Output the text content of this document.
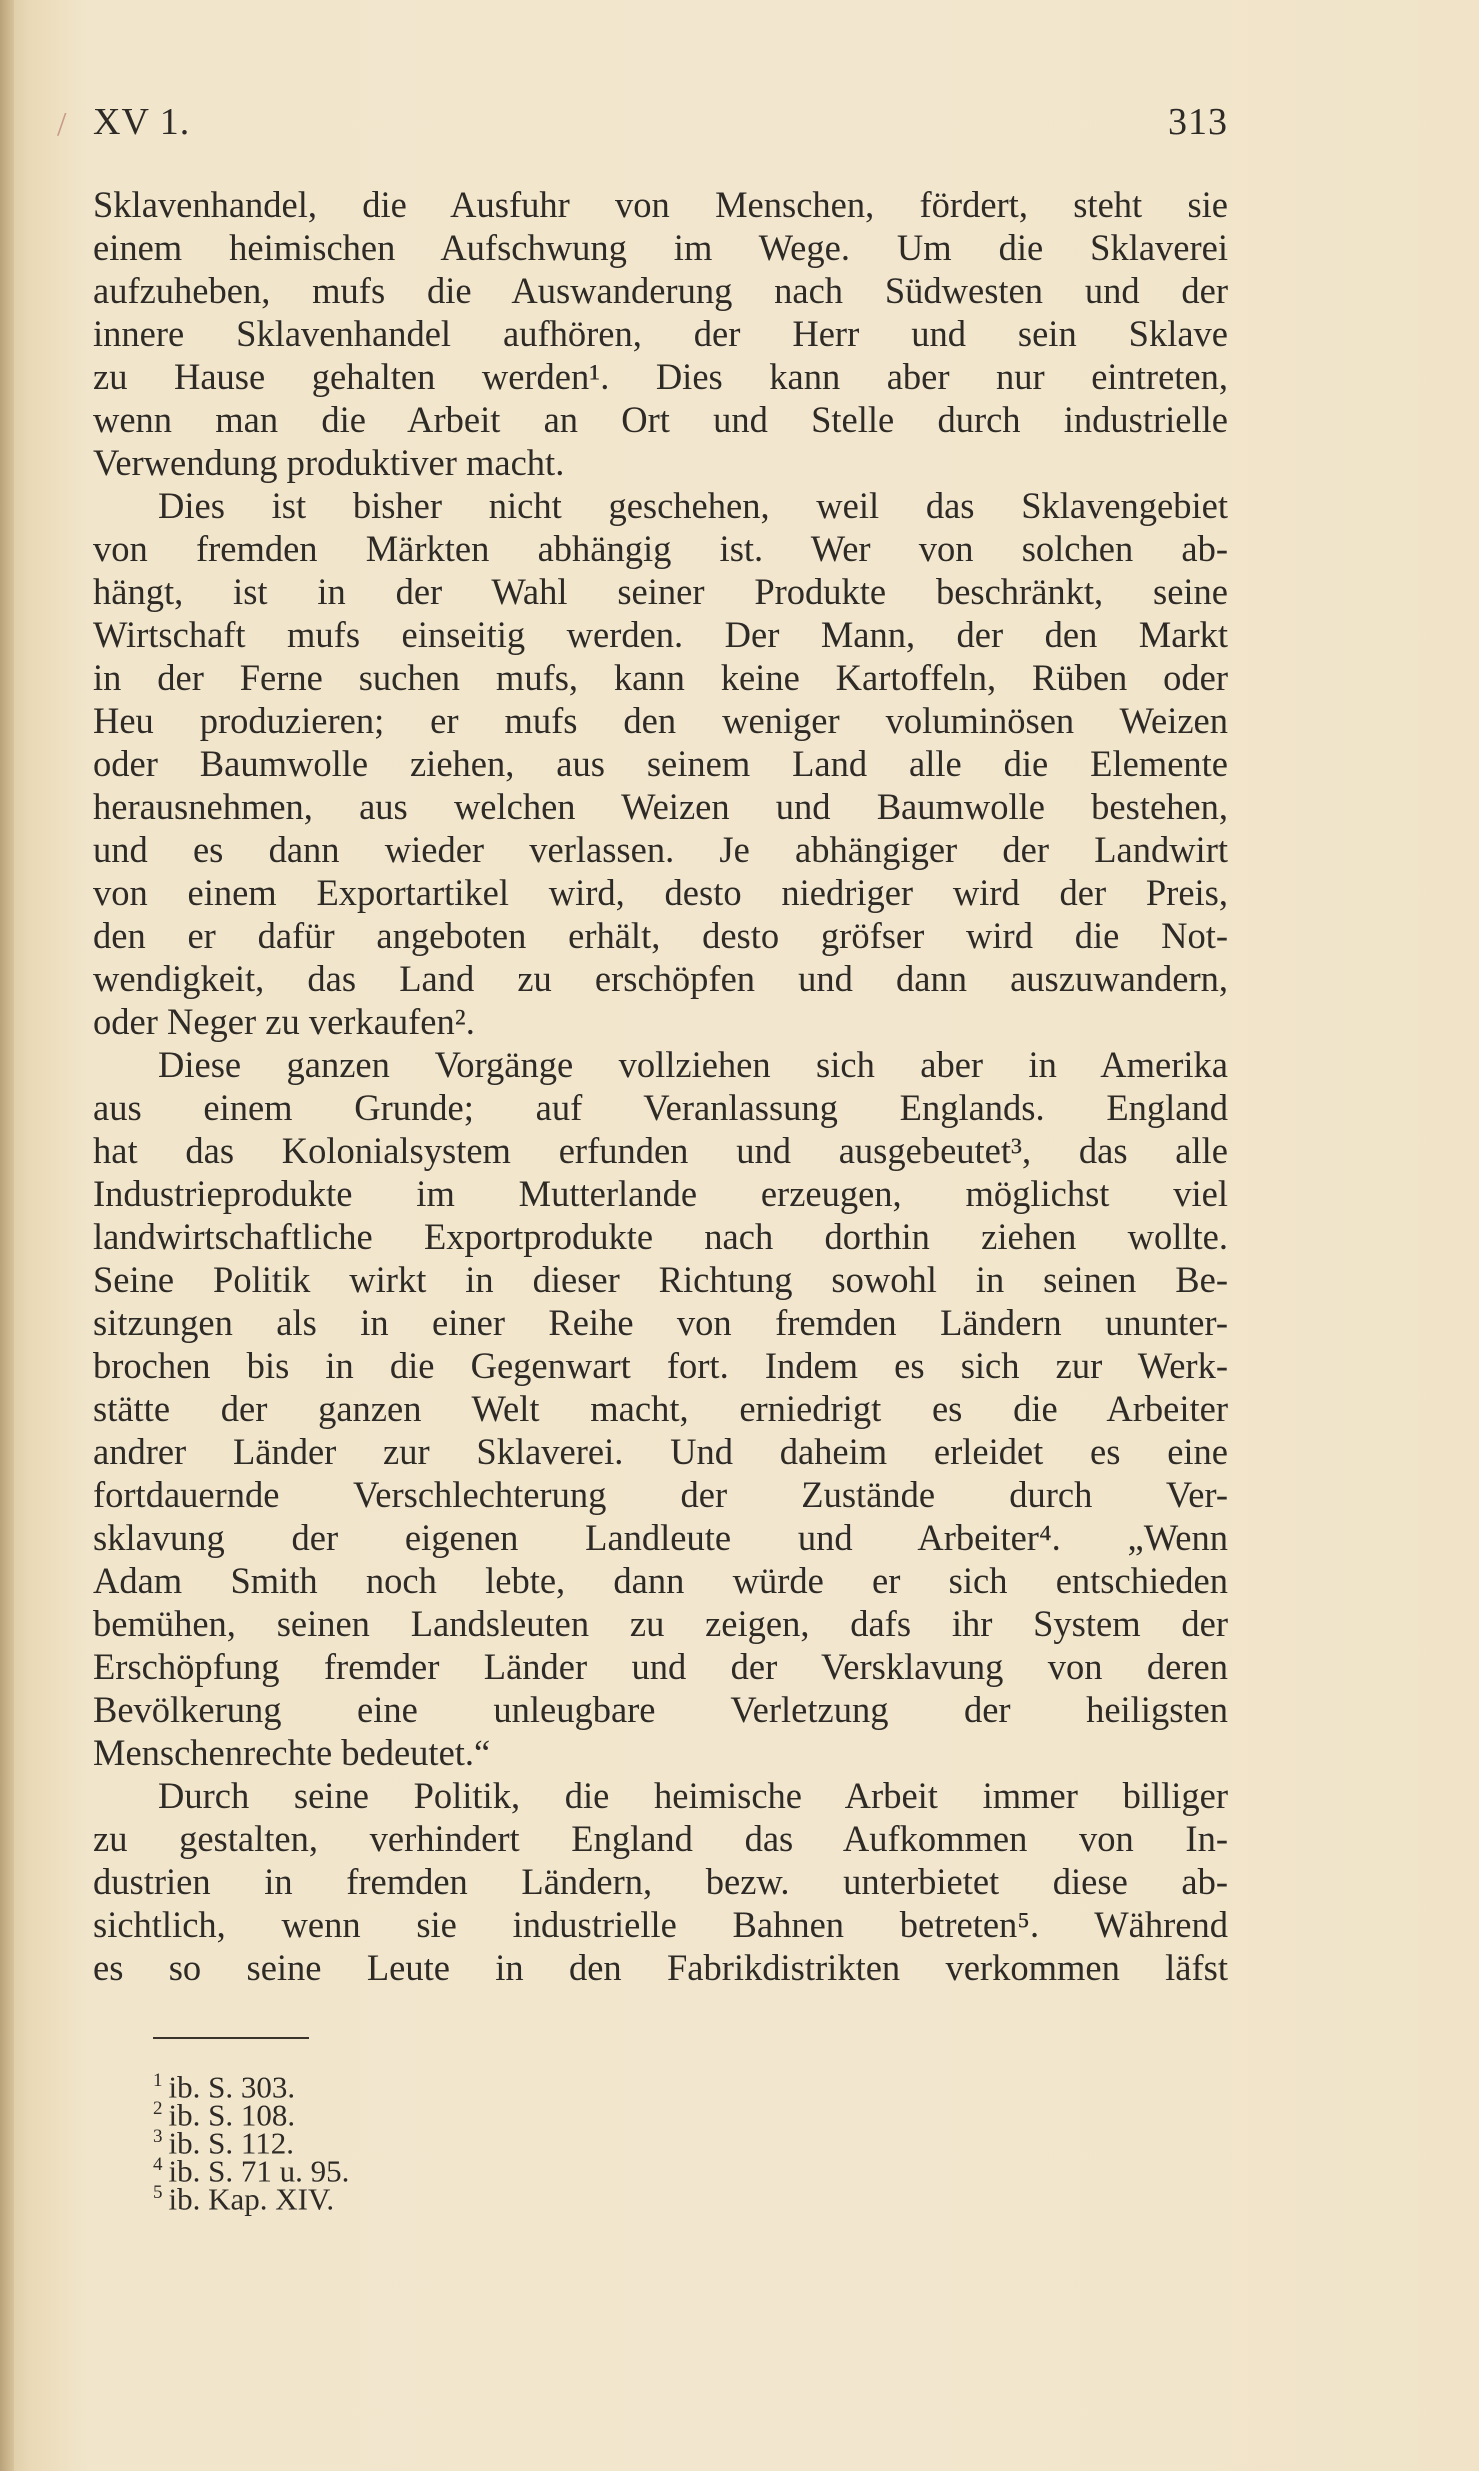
/ XV 1.	313
Sklavenhandel, die Ausfuhr von Menschen, fördert, steht sie
einem heimischen Aufschwung im Wege. Um die Sklaverei
aufzuheben, mufs die Auswanderung nach Südwesten und der
innere Sklavenhandel aufhören, der Herr und sein Sklave
zu Hause gehalten werden¹. Dies kann aber nur eintreten,
wenn man die Arbeit an Ort und Stelle durch industrielle
Verwendung produktiver macht.
Dies ist bisher nicht geschehen, weil das Sklavengebiet
von fremden Märkten abhängig ist. Wer von solchen ab-
hängt, ist in der Wahl seiner Produkte beschränkt, seine
Wirtschaft mufs einseitig werden. Der Mann, der den Markt
in der Ferne suchen mufs, kann keine Kartoffeln, Rüben oder
Heu produzieren; er mufs den weniger voluminösen Weizen
oder Baumwolle ziehen, aus seinem Land alle die Elemente
herausnehmen, aus welchen Weizen und Baumwolle bestehen,
und es dann wieder verlassen. Je abhängiger der Landwirt
von einem Exportartikel wird, desto niedriger wird der Preis,
den er dafür angeboten erhält, desto gröfser wird die Not-
wendigkeit, das Land zu erschöpfen und dann auszuwandern,
oder Neger zu verkaufen².
Diese ganzen Vorgänge vollziehen sich aber in Amerika
aus einem Grunde; auf Veranlassung Englands. England
hat das Kolonialsystem erfunden und ausgebeutet³, das alle
Industrieprodukte im Mutterlande erzeugen, möglichst viel
landwirtschaftliche Exportprodukte nach dorthin ziehen wollte.
Seine Politik wirkt in dieser Richtung sowohl in seinen Be-
sitzungen als in einer Reihe von fremden Ländern ununter-
brochen bis in die Gegenwart fort. Indem es sich zur Werk-
stätte der ganzen Welt macht, erniedrigt es die Arbeiter
andrer Länder zur Sklaverei. Und daheim erleidet es eine
fortdauernde Verschlechterung der Zustände durch Ver-
sklavung der eigenen Landleute und Arbeiter⁴. „Wenn
Adam Smith noch lebte, dann würde er sich entschieden
bemühen, seinen Landsleuten zu zeigen, dafs ihr System der
Erschöpfung fremder Länder und der Versklavung von deren
Bevölkerung eine unleugbare Verletzung der heiligsten
Menschenrechte bedeutet.“
Durch seine Politik, die heimische Arbeit immer billiger
zu gestalten, verhindert England das Aufkommen von In-
dustrien in fremden Ländern, bezw. unterbietet diese ab-
sichtlich, wenn sie industrielle Bahnen betreten⁵. Während
es so seine Leute in den Fabrikdistrikten verkommen läfst
$^1$ ib. S. 303.
$^2$ ib. S. 108.
$^3$ ib. S. 112.
$^4$ ib. S. 71 u. 95.
$^5$ ib. Kap. XIV.
